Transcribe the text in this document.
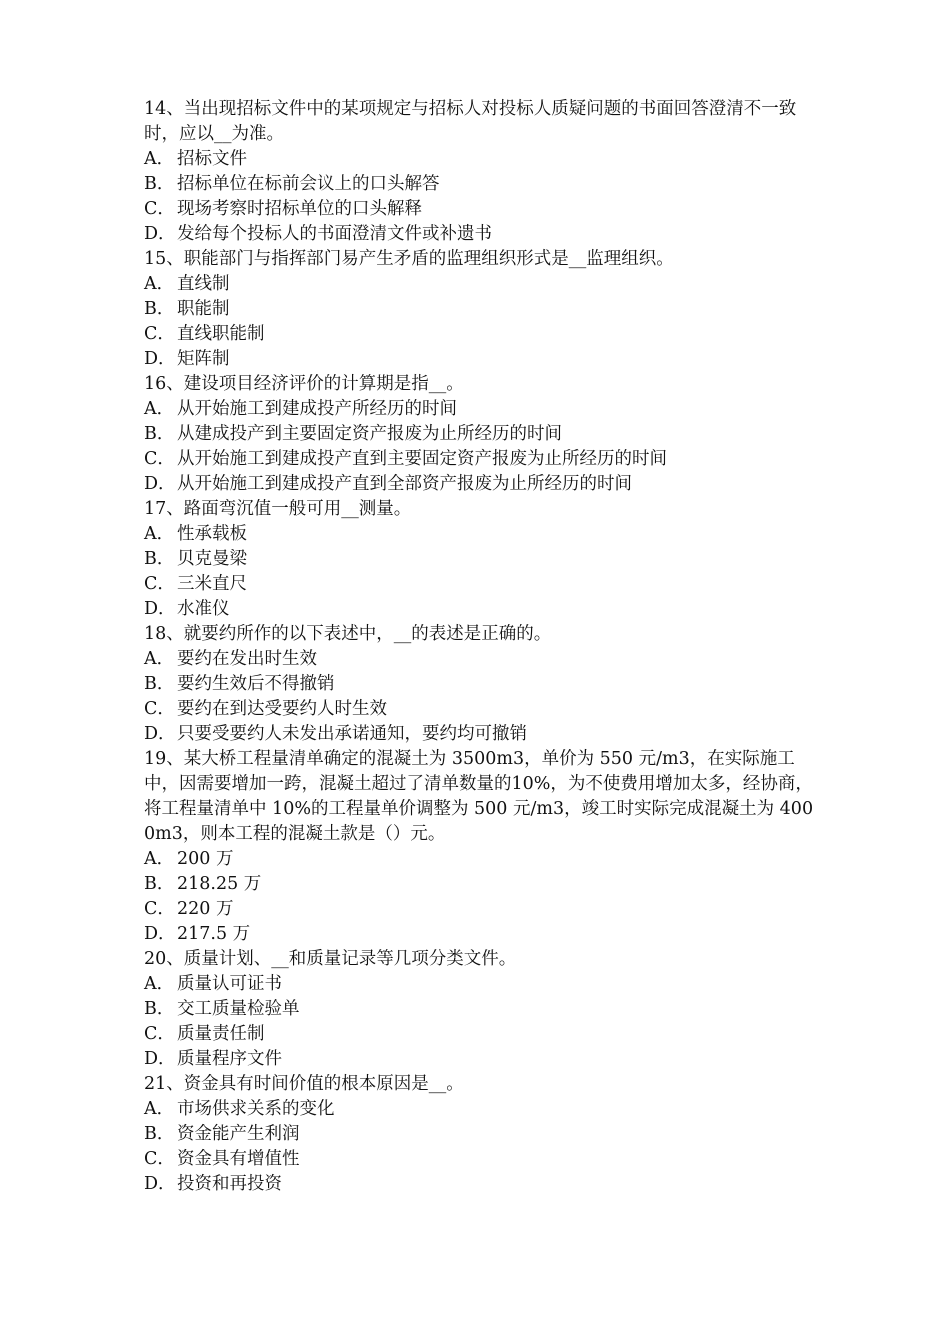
14、当出现招标文件中的某项规定与招标人对投标人质疑问题的书面回答澄清不一致时，应以__为准。

A． 招标文件

B． 招标单位在标前会议上的口头解答

C． 现场考察时招标单位的口头解释

D． 发给每个投标人的书面澄清文件或补遗书

15、职能部门与指挥部门易产生矛盾的监理组织形式是__监理组织。

A． 直线制

B． 职能制

C． 直线职能制

D． 矩阵制

16、建设项目经济评价的计算期是指__。

A． 从开始施工到建成投产所经历的时间

B． 从建成投产到主要固定资产报废为止所经历的时间

C． 从开始施工到建成投产直到主要固定资产报废为止所经历的时间

D． 从开始施工到建成投产直到全部资产报废为止所经历的时间

17、路面弯沉值一般可用__测量。

A． 性承载板

B． 贝克曼梁

C． 三米直尺

D． 水准仪

18、就要约所作的以下表述中，__的表述是正确的。

A． 要约在发出时生效

B． 要约生效后不得撤销

C． 要约在到达受要约人时生效

D． 只要受要约人未发出承诺通知，要约均可撤销

19、某大桥工程量清单确定的混凝土为 3500m3，单价为 550 元/m3，在实际施工中，因需要增加一跨，混凝土超过了清单数量的10%，为不使费用增加太多，经协商，将工程量清单中 10%的工程量单价调整为 500 元/m3，竣工时实际完成混凝土为 4000m3，则本工程的混凝土款是（）元。

A． 200 万

B． 218.25 万

C． 220 万

D． 217.5 万

20、质量计划、__和质量记录等几项分类文件。

A． 质量认可证书

B． 交工质量检验单

C． 质量责任制

D． 质量程序文件

21、资金具有时间价值的根本原因是__。

A． 市场供求关系的变化

B． 资金能产生利润

C． 资金具有增值性

D． 投资和再投资
